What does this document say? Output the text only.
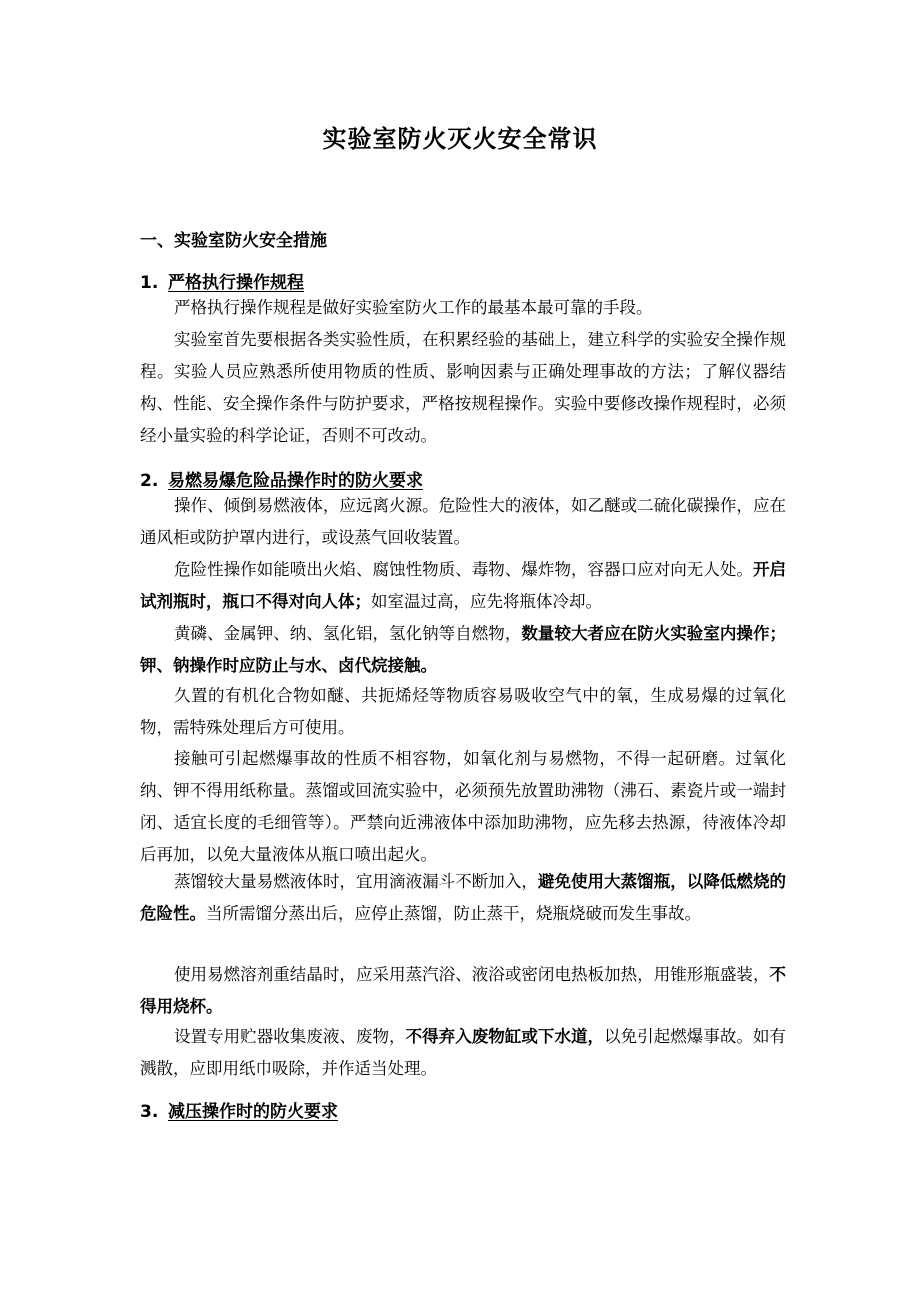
实验室防火灭火安全常识
一、实验室防火安全措施
1. 严格执行操作规程

严格执行操作规程是做好实验室防火工作的最基本最可靠的手段。

实验室首先要根据各类实验性质，在积累经验的基础上，建立科学的实验安全操作规程。实验人员应熟悉所使用物质的性质、影响因素与正确处理事故的方法；了解仪器结构、性能、安全操作条件与防护要求，严格按规程操作。实验中要修改操作规程时，必须经小量实验的科学论证，否则不可改动。

2. 易燃易爆危险品操作时的防火要求

操作、倾倒易燃液体，应远离火源。危险性大的液体，如乙醚或二硫化碳操作，应在通风柜或防护罩内进行，或设蒸气回收装置。

危险性操作如能喷出火焰、腐蚀性物质、毒物、爆炸物，容器口应对向无人处。开启试剂瓶时，瓶口不得对向人体；如室温过高，应先将瓶体冷却。

黄磷、金属钾、纳、氢化铝，氢化钠等自燃物，数量较大者应在防火实验室内操作；钾、钠操作时应防止与水、卤代烷接触。

久置的有机化合物如醚、共扼烯烃等物质容易吸收空气中的氧，生成易爆的过氧化物，需特殊处理后方可使用。

接触可引起燃爆事故的性质不相容物，如氧化剂与易燃物，不得一起研磨。过氧化纳、钾不得用纸称量。蒸馏或回流实验中，必须预先放置助沸物（沸石、素瓷片或一端封闭、适宜长度的毛细管等）。严禁向近沸液体中添加助沸物，应先移去热源，待液体冷却后再加，以免大量液体从瓶口喷出起火。

蒸馏较大量易燃液体时，宜用滴液漏斗不断加入，避免使用大蒸馏瓶，以降低燃烧的危险性。当所需馏分蒸出后，应停止蒸馏，防止蒸干，烧瓶烧破而发生事故。

使用易燃溶剂重结晶时，应采用蒸汽浴、液浴或密闭电热板加热，用锥形瓶盛装，不得用烧杯。

设置专用贮器收集废液、废物，不得弃入废物缸或下水道，以免引起燃爆事故。如有溅散，应即用纸巾吸除，并作适当处理。

3. 减压操作时的防火要求
